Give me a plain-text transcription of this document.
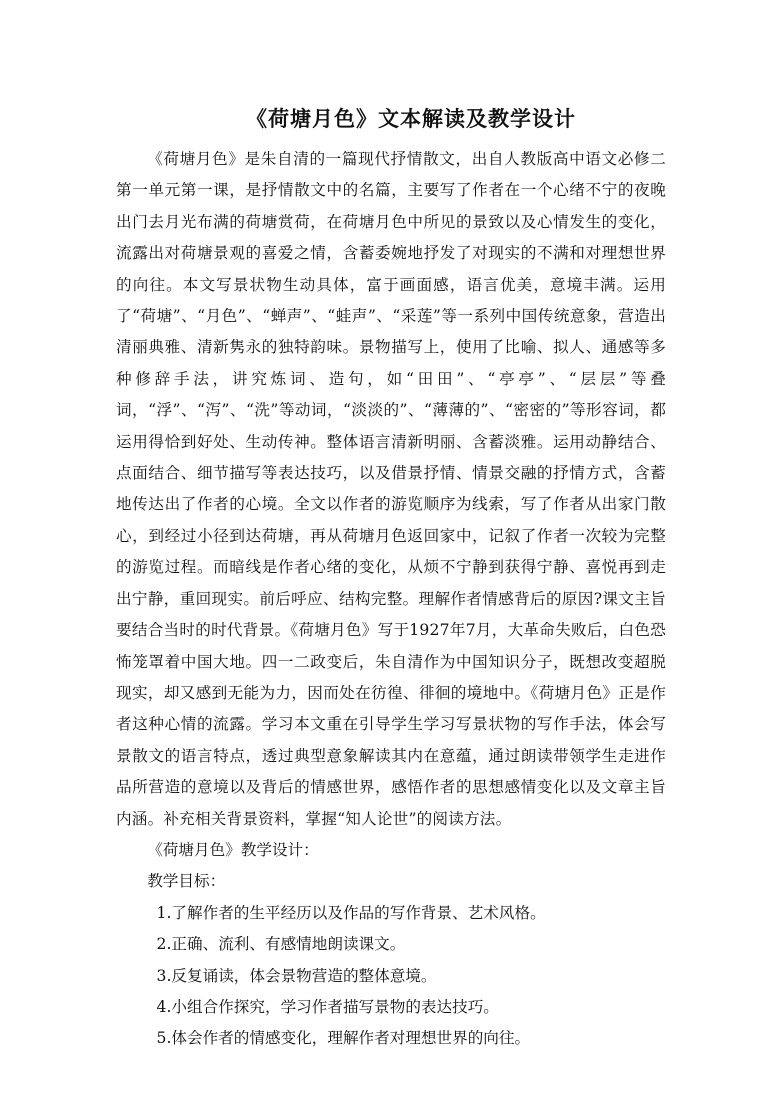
《荷塘月色》文本解读及教学设计

《荷塘月色》是朱自清的一篇现代抒情散文，出自人教版高中语文必修二第一单元第一课，是抒情散文中的名篇，主要写了作者在一个心绪不宁的夜晚出门去月光布满的荷塘赏荷，在荷塘月色中所见的景致以及心情发生的变化，流露出对荷塘景观的喜爱之情，含蓄委婉地抒发了对现实的不满和对理想世界的向往。本文写景状物生动具体，富于画面感，语言优美，意境丰满。运用了“荷塘”、“月色”、“蝉声”、“蛙声”、“采莲”等一系列中国传统意象，营造出清丽典雅、清新隽永的独特韵味。景物描写上，使用了比喻、拟人、通感等多种修辞手法，讲究炼词、造句，如“田田”、“亭亭”、“层层”等叠词，“浮”、“泻”、“洗”等动词，“淡淡的”、“薄薄的”、“密密的”等形容词，都运用得恰到好处、生动传神。整体语言清新明丽、含蓄淡雅。运用动静结合、点面结合、细节描写等表达技巧，以及借景抒情、情景交融的抒情方式，含蓄地传达出了作者的心境。全文以作者的游览顺序为线索，写了作者从出家门散心，到经过小径到达荷塘，再从荷塘月色返回家中，记叙了作者一次较为完整的游览过程。而暗线是作者心绪的变化，从烦不宁静到获得宁静、喜悦再到走出宁静，重回现实。前后呼应、结构完整。理解作者情感背后的原因?课文主旨要结合当时的时代背景。《荷塘月色》写于1927年7月，大革命失败后，白色恐怖笼罩着中国大地。四一二政变后，朱自清作为中国知识分子，既想改变超脱现实，却又感到无能为力，因而处在彷徨、徘徊的境地中。《荷塘月色》正是作者这种心情的流露。学习本文重在引导学生学习写景状物的写作手法，体会写景散文的语言特点，透过典型意象解读其内在意蕴，通过朗读带领学生走进作品所营造的意境以及背后的情感世界，感悟作者的思想感情变化以及文章主旨内涵。补充相关背景资料，掌握“知人论世”的阅读方法。

《荷塘月色》教学设计：

教学目标：

1.了解作者的生平经历以及作品的写作背景、艺术风格。

2.正确、流利、有感情地朗读课文。

3.反复诵读，体会景物营造的整体意境。

4.小组合作探究，学习作者描写景物的表达技巧。

5.体会作者的情感变化，理解作者对理想世界的向往。
